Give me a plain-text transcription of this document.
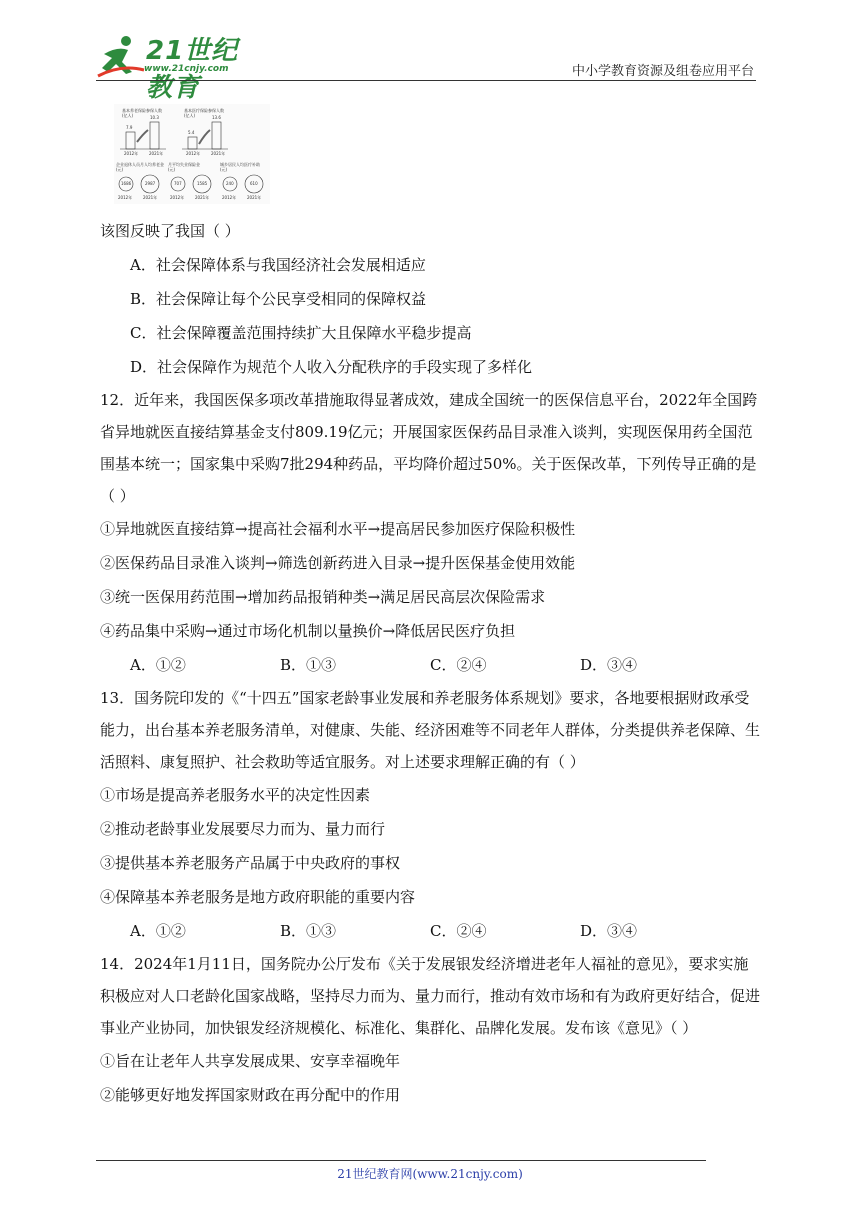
21世纪教育
www.21cnjy.com	中小学教育资源及组卷应用平台
基本养老保险参保人数
(亿人)
7.9
10.3
2012年	2021年
基本医疗保险参保人数
(亿人)
5.4
13.6
2012年	2021年
企业退休人员月人均养老金
(元)
1686	2987
2012年	2021年
月平均失业保险金
(元)
707	1585
2012年	2021年
城乡居民人均医疗补助
(元)
240	610
2012年	2021年

该图反映了我国（ ）

A．社会保障体系与我国经济社会发展相适应

B．社会保障让每个公民享受相同的保障权益

C．社会保障覆盖范围持续扩大且保障水平稳步提高

D．社会保障作为规范个人收入分配秩序的手段实现了多样化

12．近年来，我国医保多项改革措施取得显著成效，建成全国统一的医保信息平台，2022年全国跨省异地就医直接结算基金支付809.19亿元；开展国家医保药品目录准入谈判，实现医保用药全国范围基本统一；国家集中采购7批294种药品，平均降价超过50%。关于医保改革，下列传导正确的是（ ）

①异地就医直接结算→提高社会福利水平→提高居民参加医疗保险积极性

②医保药品目录准入谈判→筛选创新药进入目录→提升医保基金使用效能

③统一医保用药范围→增加药品报销种类→满足居民高层次保险需求

④药品集中采购→通过市场化机制以量换价→降低居民医疗负担

A．①②	B．①③	C．②④	D．③④

13．国务院印发的《“十四五”国家老龄事业发展和养老服务体系规划》要求，各地要根据财政承受能力，出台基本养老服务清单，对健康、失能、经济困难等不同老年人群体，分类提供养老保障、生活照料、康复照护、社会救助等适宜服务。对上述要求理解正确的有（ ）

①市场是提高养老服务水平的决定性因素

②推动老龄事业发展要尽力而为、量力而行

③提供基本养老服务产品属于中央政府的事权

④保障基本养老服务是地方政府职能的重要内容

A．①②	B．①③	C．②④	D．③④

14．2024年1月11日，国务院办公厅发布《关于发展银发经济增进老年人福祉的意见》，要求实施积极应对人口老龄化国家战略，坚持尽力而为、量力而行，推动有效市场和有为政府更好结合，促进事业产业协同，加快银发经济规模化、标准化、集群化、品牌化发展。发布该《意见》（ ）

①旨在让老年人共享发展成果、安享幸福晚年

②能够更好地发挥国家财政在再分配中的作用

21世纪教育网(www.21cnjy.com)
